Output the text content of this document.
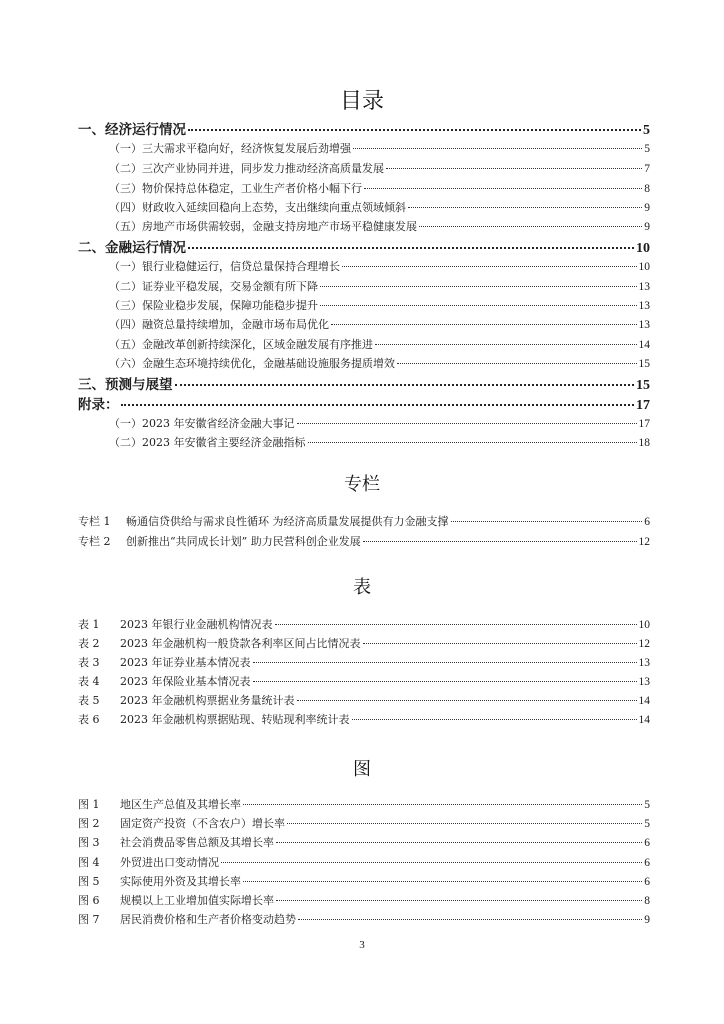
目录
一、经济运行情况	5
（一）三大需求平稳向好，经济恢复发展后劲增强	5
（二）三次产业协同并进，同步发力推动经济高质量发展	7
（三）物价保持总体稳定，工业生产者价格小幅下行	8
（四）财政收入延续回稳向上态势，支出继续向重点领域倾斜	9
（五）房地产市场供需较弱，金融支持房地产市场平稳健康发展	9
二、金融运行情况	10
（一）银行业稳健运行，信贷总量保持合理增长	10
（二）证券业平稳发展，交易金额有所下降	13
（三）保险业稳步发展，保障功能稳步提升	13
（四）融资总量持续增加，金融市场布局优化	13
（五）金融改革创新持续深化，区域金融发展有序推进	14
（六）金融生态环境持续优化，金融基础设施服务提质增效	15
三、预测与展望	15
附录：	17
（一）2023 年安徽省经济金融大事记	17
（二）2023 年安徽省主要经济金融指标	18
专栏
专栏 1 畅通信贷供给与需求良性循环 为经济高质量发展提供有力金融支撑	6
专栏 2 创新推出“共同成长计划” 助力民营科创企业发展	12
表
表 1 2023 年银行业金融机构情况表	10
表 2 2023 年金融机构一般贷款各利率区间占比情况表	12
表 3 2023 年证券业基本情况表	13
表 4 2023 年保险业基本情况表	13
表 5 2023 年金融机构票据业务量统计表	14
表 6 2023 年金融机构票据贴现、转贴现利率统计表	14
图
图 1 地区生产总值及其增长率	5
图 2 固定资产投资（不含农户）增长率	5
图 3 社会消费品零售总额及其增长率	6
图 4 外贸进出口变动情况	6
图 5 实际使用外资及其增长率	6
图 6 规模以上工业增加值实际增长率	8
图 7 居民消费价格和生产者价格变动趋势	9
3
